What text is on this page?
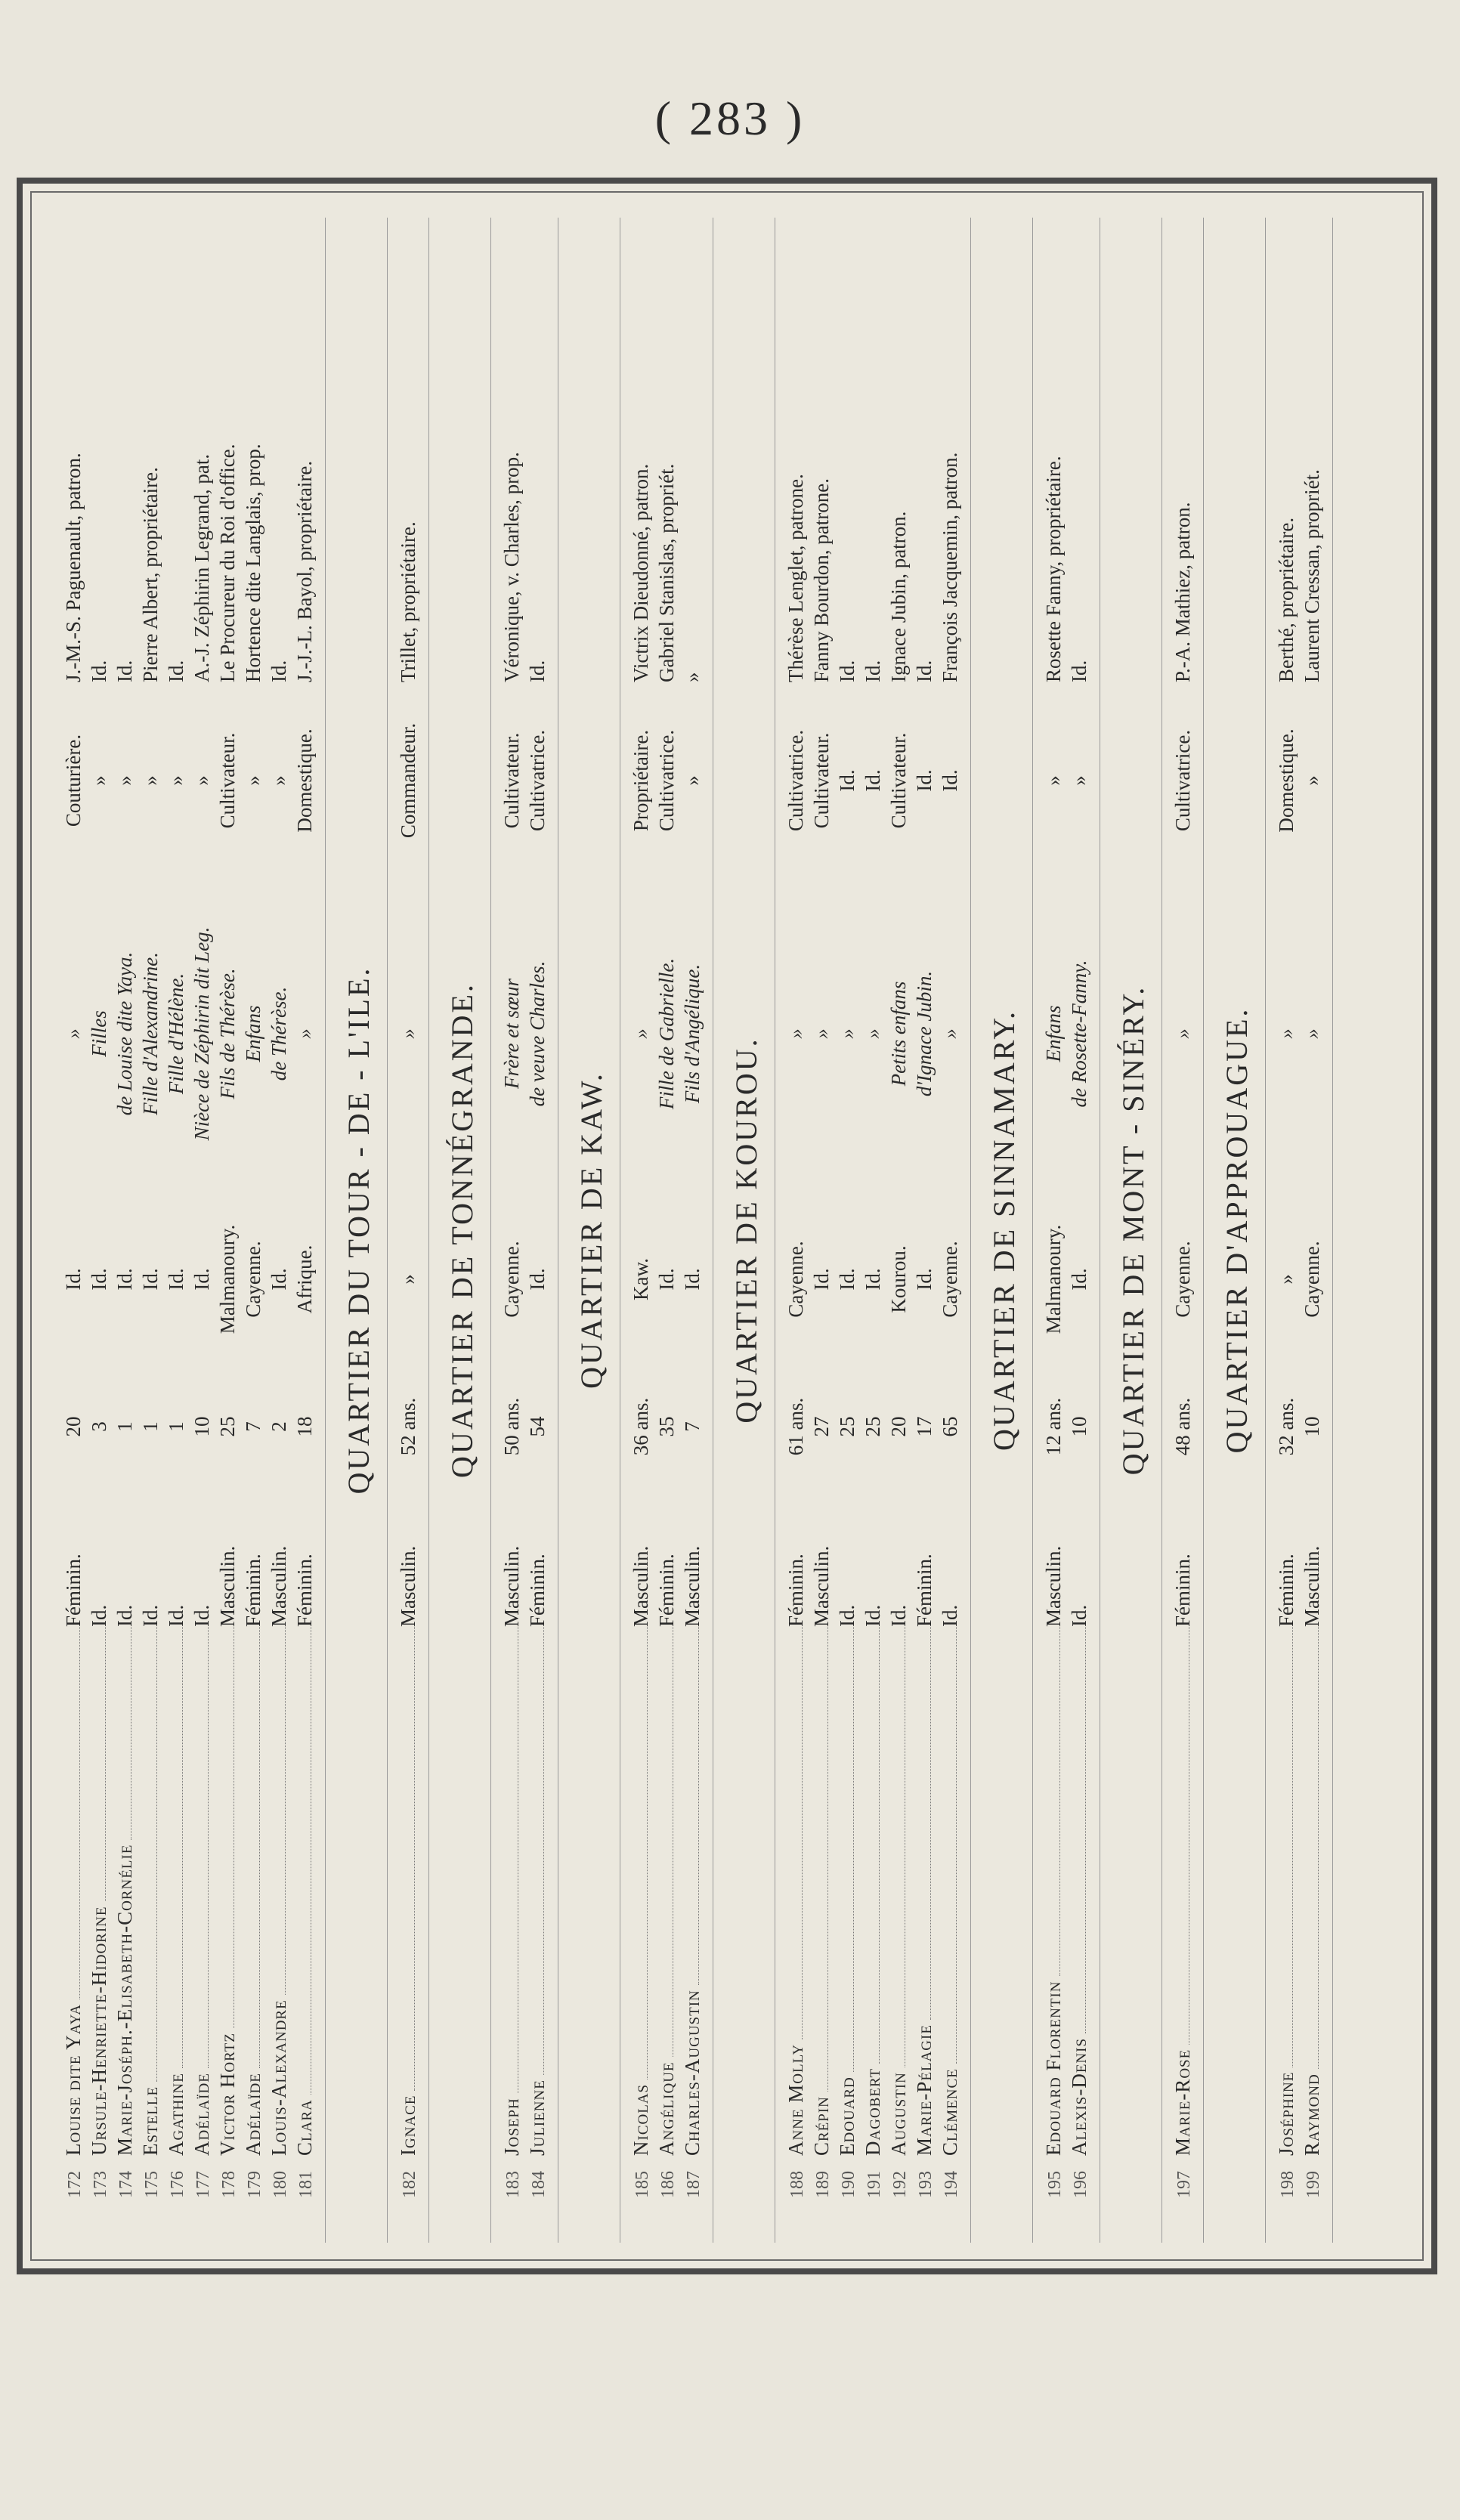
( 283 )
172
Louise dite Yaya
Féminin.
20
Id.
»
Couturière.
J.-M.-S. Paguenault, patron.
173
Ursule-Henriette-Hidorine
Id.
3
Id.
Filles
»
Id.
174
Marie-Joséph.-Elisabeth-Cornélie
Id.
1
Id.
de Louise dite Yaya.
»
Id.
175
Estelle
Id.
1
Id.
Fille d'Alexandrine.
»
Pierre Albert, propriétaire.
176
Agathine
Id.
1
Id.
Fille d'Hélène.
»
Id.
177
Adélaïde
Id.
10
Id.
Nièce de Zéphirin dit Leg.
»
A.-J. Zéphirin Legrand, pat.
178
Victor Hortz
Masculin.
25
Malmanoury.
Fils de Thérèse.
Cultivateur.
Le Procureur du Roi d'office.
179
Adélaïde
Féminin.
7
Cayenne.
Enfans
»
Hortence dite Langlais, prop.
180
Louis-Alexandre
Masculin.
2
Id.
de Thérèse.
»
Id.
181
Clara
Féminin.
18
Afrique.
»
Domestique.
J.-J.-L. Bayol, propriétaire.
QUARTIER DU TOUR - DE - L'ILE.
182
Ignace
Masculin.
52 ans.
»
»
Commandeur.
Trillet, propriétaire.
QUARTIER DE TONNÉGRANDE.
183
Joseph
Masculin.
50 ans.
Cayenne.
Frère et sœur
Cultivateur.
Véronique, v. Charles, prop.
184
Julienne
Féminin.
54
Id.
de veuve Charles.
Cultivatrice.
Id.
QUARTIER DE KAW.
185
Nicolas
Masculin.
36 ans.
Kaw.
»
Propriétaire.
Victrix Dieudonné, patron.
186
Angélique
Féminin.
35
Id.
Fille de Gabrielle.
Cultivatrice.
Gabriel Stanislas, propriét.
187
Charles-Augustin
Masculin.
7
Id.
Fils d'Angélique.
»
»
QUARTIER DE KOUROU.
188
Anne Molly
Féminin.
61 ans.
Cayenne.
»
Cultivatrice.
Thérèse Lenglet, patrone.
189
Crépin
Masculin.
27
Id.
»
Cultivateur.
Fanny Bourdon, patrone.
190
Edouard
Id.
25
Id.
»
Id.
Id.
191
Dagobert
Id.
25
Id.
»
Id.
Id.
192
Augustin
Id.
20
Kourou.
Petits enfans
Cultivateur.
Ignace Jubin, patron.
193
Marie-Pélagie
Féminin.
17
Id.
d'Ignace Jubin.
Id.
Id.
194
Clémence
Id.
65
Cayenne.
»
Id.
François Jacquemin, patron.
QUARTIER DE SINNAMARY.
195
Edouard Florentin
Masculin.
12 ans.
Malmanoury.
Enfans
»
Rosette Fanny, propriétaire.
196
Alexis-Denis
Id.
10
Id.
de Rosette-Fanny.
»
Id.
QUARTIER DE MONT - SINÉRY.
197
Marie-Rose
Féminin.
48 ans.
Cayenne.
»
Cultivatrice.
P.-A. Mathiez, patron.
QUARTIER D'APPROUAGUE.
198
Joséphine
Féminin.
32 ans.
»
»
Domestique.
Berthé, propriétaire.
199
Raymond
Masculin.
10
Cayenne.
»
»
Laurent Cressan, propriét.
